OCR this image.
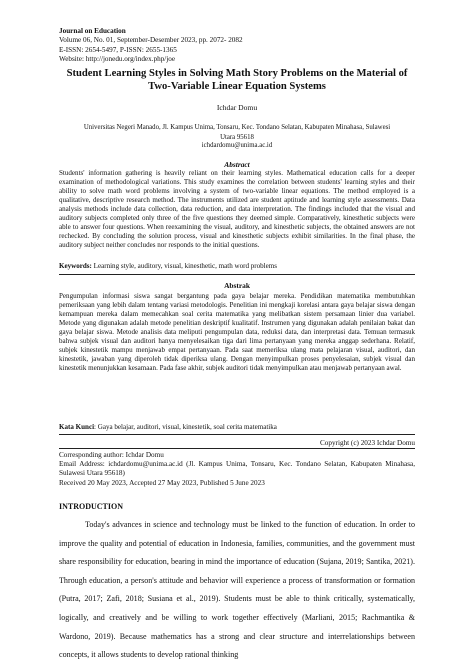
Journal on Education
Volume 06, No. 01, September-Desember 2023, pp. 2072- 2082
E-ISSN: 2654-5497, P-ISSN: 2655-1365
Website: http://jonedu.org/index.php/joe
Student Learning Styles in Solving Math Story Problems on the Material of Two-Variable Linear Equation Systems
Ichdar Domu
Universitas Negeri Manado, Jl. Kampus Unima, Tonsaru, Kec. Tondano Selatan, Kabupaten Minahasa, Sulawesi Utara 95618
ichdardomu@unima.ac.id
Abstract
Students' information gathering is heavily reliant on their learning styles. Mathematical education calls for a deeper examination of methodological variations. This study examines the correlation between students' learning styles and their ability to solve math word problems involving a system of two-variable linear equations. The method employed is a qualitative, descriptive research method. The instruments utilized are student aptitude and learning style assessments. Data analysis methods include data collection, data reduction, and data interpretation. The findings included that the visual and auditory subjects completed only three of the five questions they deemed simple. Comparatively, kinesthetic subjects were able to answer four questions. When reexamining the visual, auditory, and kinesthetic subjects, the obtained answers are not rechecked. By concluding the solution process, visual and kinesthetic subjects exhibit similarities. In the final phase, the auditory subject neither concludes nor responds to the initial questions.
Keywords: Learning style, auditory, visual, kinesthetic, math word problems
Abstrak
Pengumpulan informasi siswa sangat bergantung pada gaya belajar mereka. Pendidikan matematika membutuhkan pemeriksaan yang lebih dalam tentang variasi metodologis. Penelitian ini mengkaji korelasi antara gaya belajar siswa dengan kemampuan mereka dalam memecahkan soal cerita matematika yang melibatkan sistem persamaan linier dua variabel. Metode yang digunakan adalah metode penelitian deskriptif kualitatif. Instrumen yang digunakan adalah penilaian bakat dan gaya belajar siswa. Metode analisis data meliputi pengumpulan data, reduksi data, dan interpretasi data. Temuan termasuk bahwa subjek visual dan auditori hanya menyelesaikan tiga dari lima pertanyaan yang mereka anggap sederhana. Relatif, subjek kinestetik mampu menjawab empat pertanyaan. Pada saat memeriksa ulang mata pelajaran visual, auditori, dan kinestetik, jawaban yang diperoleh tidak diperiksa ulang. Dengan menyimpulkan proses penyelesaian, subjek visual dan kinestetik menunjukkan kesamaan. Pada fase akhir, subjek auditori tidak menyimpulkan atau menjawab pertanyaan awal.
Kata Kunci: Gaya belajar, auditori, visual, kinestetik, soal cerita matematika
Copyright (c) 2023 Ichdar Domu
Corresponding author: Ichdar Domu
Email Address: ichdardomu@unima.ac.id (Jl. Kampus Unima, Tonsaru, Kec. Tondano Selatan, Kabupaten Minahasa, Sulawesi Utara 95618)
Received 20 May 2023, Accepted 27 May 2023, Published 5 June 2023
INTRODUCTION
Today's advances in science and technology must be linked to the function of education. In order to improve the quality and potential of education in Indonesia, families, communities, and the government must share responsibility for education, bearing in mind the importance of education (Sujana, 2019; Santika, 2021). Through education, a person's attitude and behavior will experience a process of transformation or formation (Putra, 2017; Zafi, 2018; Susiana et al., 2019). Students must be able to think critically, systematically, logically, and creatively and be willing to work together effectively (Marliani, 2015; Rachmantika & Wardono, 2019). Because mathematics has a strong and clear structure and interrelationships between concepts, it allows students to develop rational thinking
